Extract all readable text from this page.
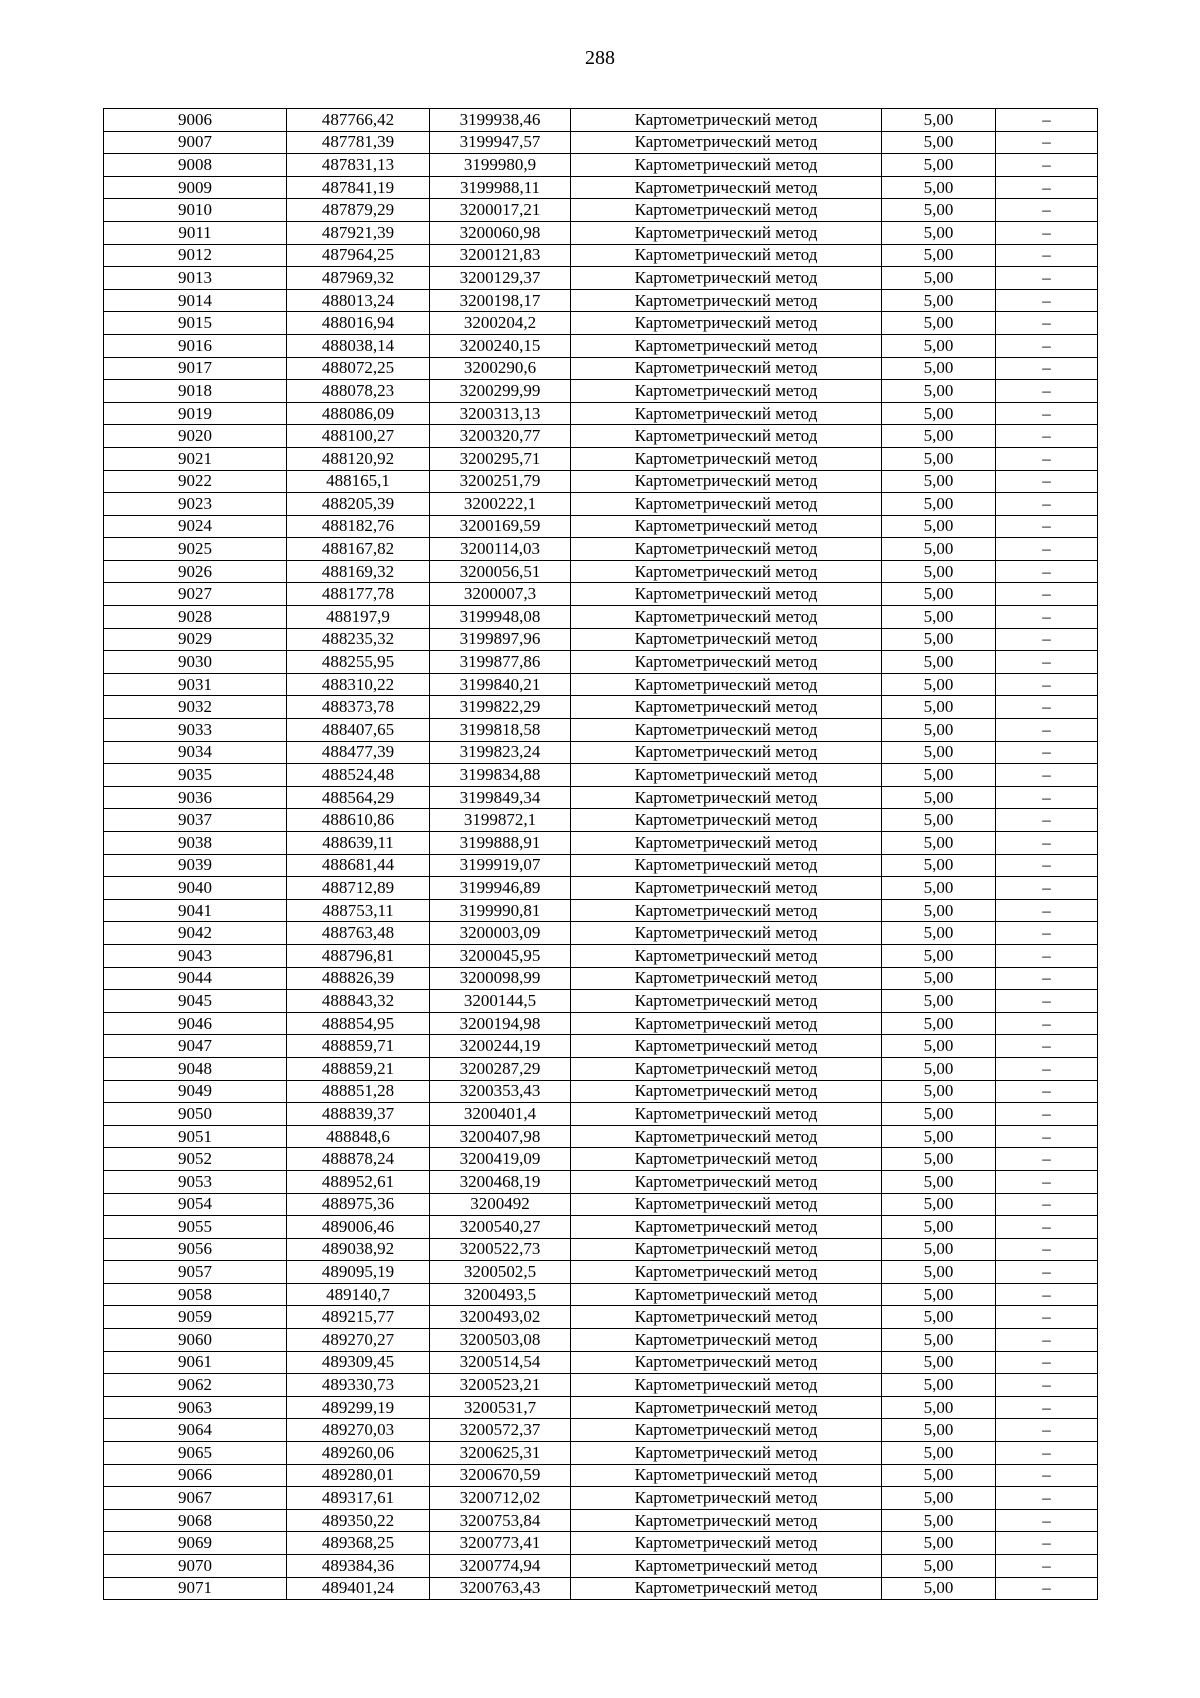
288
9006	487766,42	3199938,46	Картометрический метод	5,00	–
9007	487781,39	3199947,57	Картометрический метод	5,00	–
9008	487831,13	3199980,9	Картометрический метод	5,00	–
9009	487841,19	3199988,11	Картометрический метод	5,00	–
9010	487879,29	3200017,21	Картометрический метод	5,00	–
9011	487921,39	3200060,98	Картометрический метод	5,00	–
9012	487964,25	3200121,83	Картометрический метод	5,00	–
9013	487969,32	3200129,37	Картометрический метод	5,00	–
9014	488013,24	3200198,17	Картометрический метод	5,00	–
9015	488016,94	3200204,2	Картометрический метод	5,00	–
9016	488038,14	3200240,15	Картометрический метод	5,00	–
9017	488072,25	3200290,6	Картометрический метод	5,00	–
9018	488078,23	3200299,99	Картометрический метод	5,00	–
9019	488086,09	3200313,13	Картометрический метод	5,00	–
9020	488100,27	3200320,77	Картометрический метод	5,00	–
9021	488120,92	3200295,71	Картометрический метод	5,00	–
9022	488165,1	3200251,79	Картометрический метод	5,00	–
9023	488205,39	3200222,1	Картометрический метод	5,00	–
9024	488182,76	3200169,59	Картометрический метод	5,00	–
9025	488167,82	3200114,03	Картометрический метод	5,00	–
9026	488169,32	3200056,51	Картометрический метод	5,00	–
9027	488177,78	3200007,3	Картометрический метод	5,00	–
9028	488197,9	3199948,08	Картометрический метод	5,00	–
9029	488235,32	3199897,96	Картометрический метод	5,00	–
9030	488255,95	3199877,86	Картометрический метод	5,00	–
9031	488310,22	3199840,21	Картометрический метод	5,00	–
9032	488373,78	3199822,29	Картометрический метод	5,00	–
9033	488407,65	3199818,58	Картометрический метод	5,00	–
9034	488477,39	3199823,24	Картометрический метод	5,00	–
9035	488524,48	3199834,88	Картометрический метод	5,00	–
9036	488564,29	3199849,34	Картометрический метод	5,00	–
9037	488610,86	3199872,1	Картометрический метод	5,00	–
9038	488639,11	3199888,91	Картометрический метод	5,00	–
9039	488681,44	3199919,07	Картометрический метод	5,00	–
9040	488712,89	3199946,89	Картометрический метод	5,00	–
9041	488753,11	3199990,81	Картометрический метод	5,00	–
9042	488763,48	3200003,09	Картометрический метод	5,00	–
9043	488796,81	3200045,95	Картометрический метод	5,00	–
9044	488826,39	3200098,99	Картометрический метод	5,00	–
9045	488843,32	3200144,5	Картометрический метод	5,00	–
9046	488854,95	3200194,98	Картометрический метод	5,00	–
9047	488859,71	3200244,19	Картометрический метод	5,00	–
9048	488859,21	3200287,29	Картометрический метод	5,00	–
9049	488851,28	3200353,43	Картометрический метод	5,00	–
9050	488839,37	3200401,4	Картометрический метод	5,00	–
9051	488848,6	3200407,98	Картометрический метод	5,00	–
9052	488878,24	3200419,09	Картометрический метод	5,00	–
9053	488952,61	3200468,19	Картометрический метод	5,00	–
9054	488975,36	3200492	Картометрический метод	5,00	–
9055	489006,46	3200540,27	Картометрический метод	5,00	–
9056	489038,92	3200522,73	Картометрический метод	5,00	–
9057	489095,19	3200502,5	Картометрический метод	5,00	–
9058	489140,7	3200493,5	Картометрический метод	5,00	–
9059	489215,77	3200493,02	Картометрический метод	5,00	–
9060	489270,27	3200503,08	Картометрический метод	5,00	–
9061	489309,45	3200514,54	Картометрический метод	5,00	–
9062	489330,73	3200523,21	Картометрический метод	5,00	–
9063	489299,19	3200531,7	Картометрический метод	5,00	–
9064	489270,03	3200572,37	Картометрический метод	5,00	–
9065	489260,06	3200625,31	Картометрический метод	5,00	–
9066	489280,01	3200670,59	Картометрический метод	5,00	–
9067	489317,61	3200712,02	Картометрический метод	5,00	–
9068	489350,22	3200753,84	Картометрический метод	5,00	–
9069	489368,25	3200773,41	Картометрический метод	5,00	–
9070	489384,36	3200774,94	Картометрический метод	5,00	–
9071	489401,24	3200763,43	Картометрический метод	5,00	–
